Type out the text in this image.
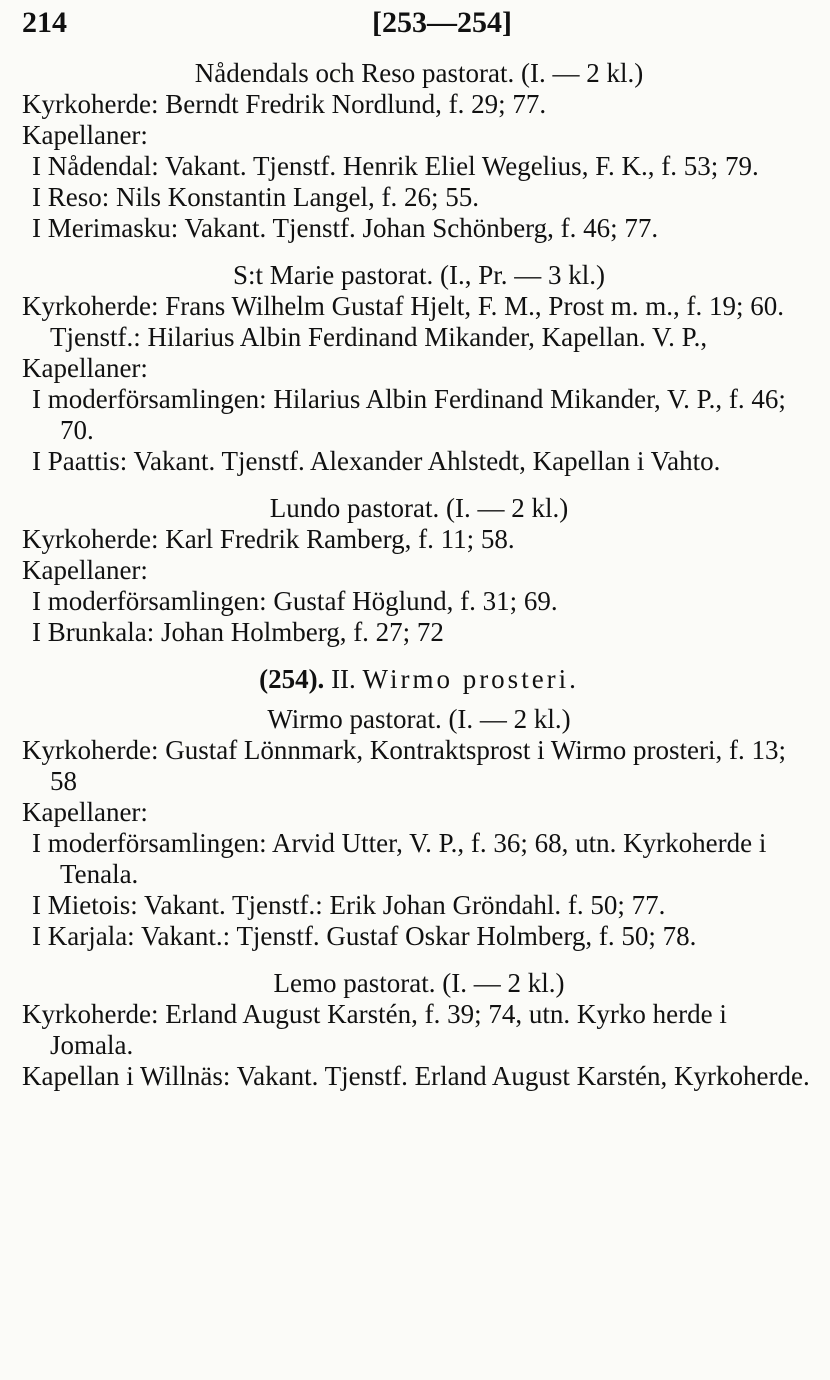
214	[253—254]

Nådendals och Reso pastorat. (I. — 2 kl.)

Kyrkoherde: Berndt Fredrik Nordlund, f. 29; 77.

Kapellaner:

I Nådendal: Vakant. Tjenstf. Henrik Eliel Wegelius, F. K., f. 53; 79.

I Reso: Nils Konstantin Langel, f. 26; 55.

I Merimasku: Vakant. Tjenstf. Johan Schönberg, f. 46; 77.

S:t Marie pastorat. (I., Pr. — 3 kl.)

Kyrkoherde: Frans Wilhelm Gustaf Hjelt, F. M., Prost m. m., f. 19; 60. Tjenstf.: Hilarius Albin Ferdinand Mikander, Kapellan. V. P.,

Kapellaner:

I moderförsamlingen: Hilarius Albin Ferdinand Mikander, V. P., f. 46; 70.

I Paattis: Vakant. Tjenstf. Alexander Ahlstedt, Kapellan i Vahto.

Lundo pastorat. (I. — 2 kl.)

Kyrkoherde: Karl Fredrik Ramberg, f. 11; 58.

Kapellaner:

I moderförsamlingen: Gustaf Höglund, f. 31; 69.

I Brunkala: Johan Holmberg, f. 27; 72

(254). II. Wirmo prosteri.

Wirmo pastorat. (I. — 2 kl.)

Kyrkoherde: Gustaf Lönnmark, Kontraktsprost i Wirmo prosteri, f. 13; 58

Kapellaner:

I moderförsamlingen: Arvid Utter, V. P., f. 36; 68, utn. Kyrkoherde i Tenala.

I Mietois: Vakant. Tjenstf.: Erik Johan Gröndahl. f. 50; 77.

I Karjala: Vakant.: Tjenstf. Gustaf Oskar Holmberg, f. 50; 78.

Lemo pastorat. (I. — 2 kl.)

Kyrkoherde: Erland August Karstén, f. 39; 74, utn. Kyrko herde i Jomala.

Kapellan i Willnäs: Vakant. Tjenstf. Erland August Karstén, Kyrkoherde.
